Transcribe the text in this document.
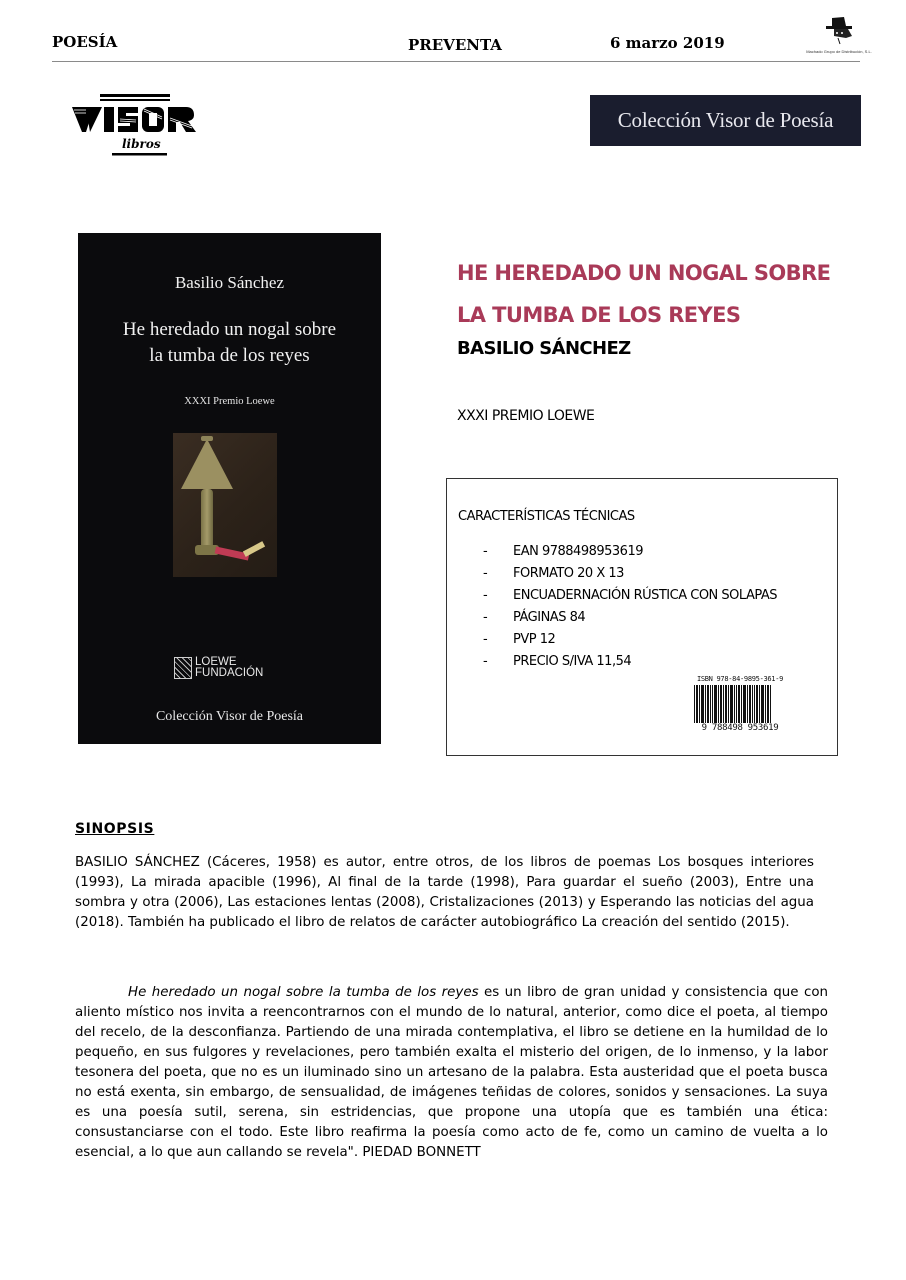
POESÍA	PREVENTA	6 marzo 2019	Machado Grupo de Distribución, S.L.
libros
Colección Visor de Poesía
Basilio Sánchez
He heredado un nogal sobre
la tumba de los reyes
XXXI Premio Loewe
LOEWE
FUNDACIÓN
Colección Visor de Poesía
HE HEREDADO UN NOGAL SOBRE
LA TUMBA DE LOS REYES
BASILIO SÁNCHEZ
XXXI PREMIO LOEWE
CARACTERÍSTICAS TÉCNICAS
-	EAN 9788498953619
-	FORMATO 20 X 13
-	ENCUADERNACIÓN RÚSTICA CON SOLAPAS
-	PÁGINAS 84
-	PVP 12
-	PRECIO S/IVA 11,54
ISBN 978-84-9895-361-9
9 788498 953619
SINOPSIS
BASILIO SÁNCHEZ (Cáceres, 1958) es autor, entre otros, de los libros de poemas Los bosques interiores (1993), La mirada apacible (1996), Al final de la tarde (1998), Para guardar el sueño (2003), Entre una sombra y otra (2006), Las estaciones lentas (2008), Cristalizaciones (2013) y Esperando las noticias del agua (2018). También ha publicado el libro de relatos de carácter autobiográfico La creación del sentido (2015).
He heredado un nogal sobre la tumba de los reyes es un libro de gran unidad y consistencia que con aliento místico nos invita a reencontrarnos con el mundo de lo natural, anterior, como dice el poeta, al tiempo del recelo, de la desconfianza. Partiendo de una mirada contemplativa, el libro se detiene en la humildad de lo pequeño, en sus fulgores y revelaciones, pero también exalta el misterio del origen, de lo inmenso, y la labor tesonera del poeta, que no es un iluminado sino un artesano de la palabra. Esta austeridad que el poeta busca no está exenta, sin embargo, de sensualidad, de imágenes teñidas de colores, sonidos y sensaciones. La suya es una poesía sutil, serena, sin estridencias, que propone una utopía que es también una ética: consustanciarse con el todo. Este libro reafirma la poesía como acto de fe, como un camino de vuelta a lo esencial, a lo que aun callando se revela". PIEDAD BONNETT
